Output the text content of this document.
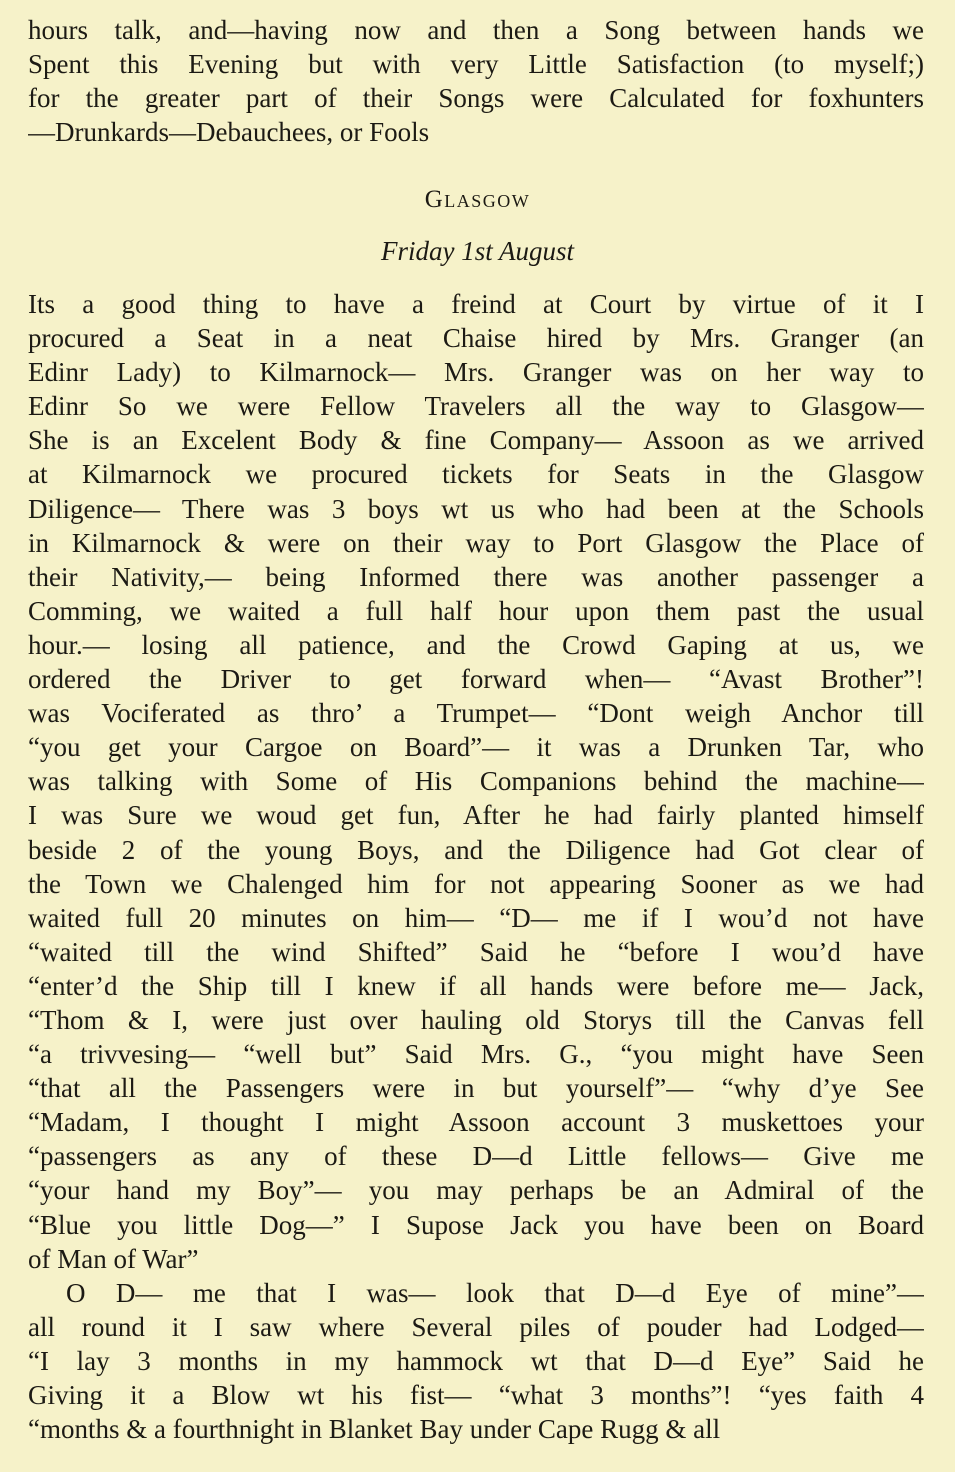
hours talk, and—having now and then a Song between hands we
Spent this Evening but with very Little Satisfaction (to myself;)
for the greater part of their Songs were Calculated for foxhunters
—Drunkards—Debauchees, or Fools
Glasgow
Friday 1st August
Its a good thing to have a freind at Court by virtue of it I
procured a Seat in a neat Chaise hired by Mrs. Granger (an
Edinr Lady) to Kilmarnock— Mrs. Granger was on her way to
Edinr So we were Fellow Travelers all the way to Glasgow—
She is an Excelent Body & fine Company— Assoon as we arrived
at Kilmarnock we procured tickets for Seats in the Glasgow
Diligence— There was 3 boys wt us who had been at the Schools
in Kilmarnock & were on their way to Port Glasgow the Place of
their Nativity,— being Informed there was another passenger a
Comming, we waited a full half hour upon them past the usual
hour.— losing all patience, and the Crowd Gaping at us, we
ordered the Driver to get forward when— “Avast Brother”!
was Vociferated as thro’ a Trumpet— “Dont weigh Anchor till
“you get your Cargoe on Board”— it was a Drunken Tar, who
was talking with Some of His Companions behind the machine—
I was Sure we woud get fun, After he had fairly planted himself
beside 2 of the young Boys, and the Diligence had Got clear of
the Town we Chalenged him for not appearing Sooner as we had
waited full 20 minutes on him— “D— me if I wou’d not have
“waited till the wind Shifted” Said he “before I wou’d have
“enter’d the Ship till I knew if all hands were before me— Jack,
“Thom & I, were just over hauling old Storys till the Canvas fell
“a trivvesing— “well but” Said Mrs. G., “you might have Seen
“that all the Passengers were in but yourself”— “why d’ye See
“Madam, I thought I might Assoon account 3 muskettoes your
“passengers as any of these D—d Little fellows— Give me
“your hand my Boy”— you may perhaps be an Admiral of the
“Blue you little Dog—” I Supose Jack you have been on Board
of Man of War”
O D— me that I was— look that D—d Eye of mine”—
all round it I saw where Several piles of pouder had Lodged—
“I lay 3 months in my hammock wt that D—d Eye” Said he
Giving it a Blow wt his fist— “what 3 months”! “yes faith 4
“months & a fourthnight in Blanket Bay under Cape Rugg & all
